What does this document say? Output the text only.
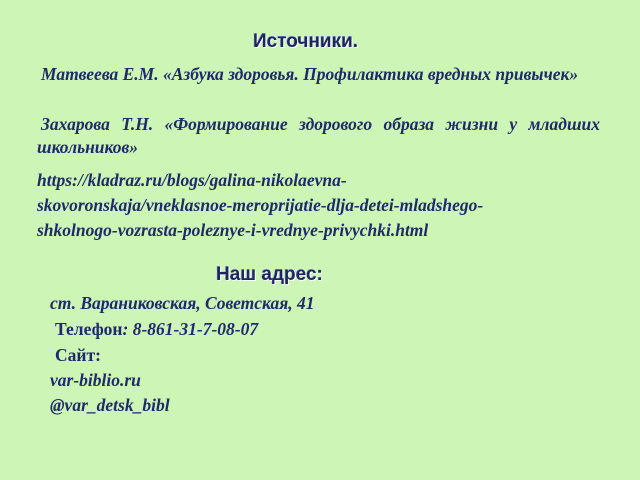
Источники.

Матвеева Е.М. «Азбука здоровья. Профилактика вредных привычек»

Захарова Т.Н. «Формирование здорового образа жизни у младших школьников»

https://kladraz.ru/blogs/galina-nikolaevna-
skovoronskaja/vneklasnoe-meroprijatie-dlja-detei-mladshego-
shkolnogo-vozrasta-poleznye-i-vrednye-privychki.html
Наш адрес:

ст. Вараниковская, Советская, 41

Телефон: 8-861-31-7-08-07

Сайт:

var-biblio.ru

@var_detsk_bibl
